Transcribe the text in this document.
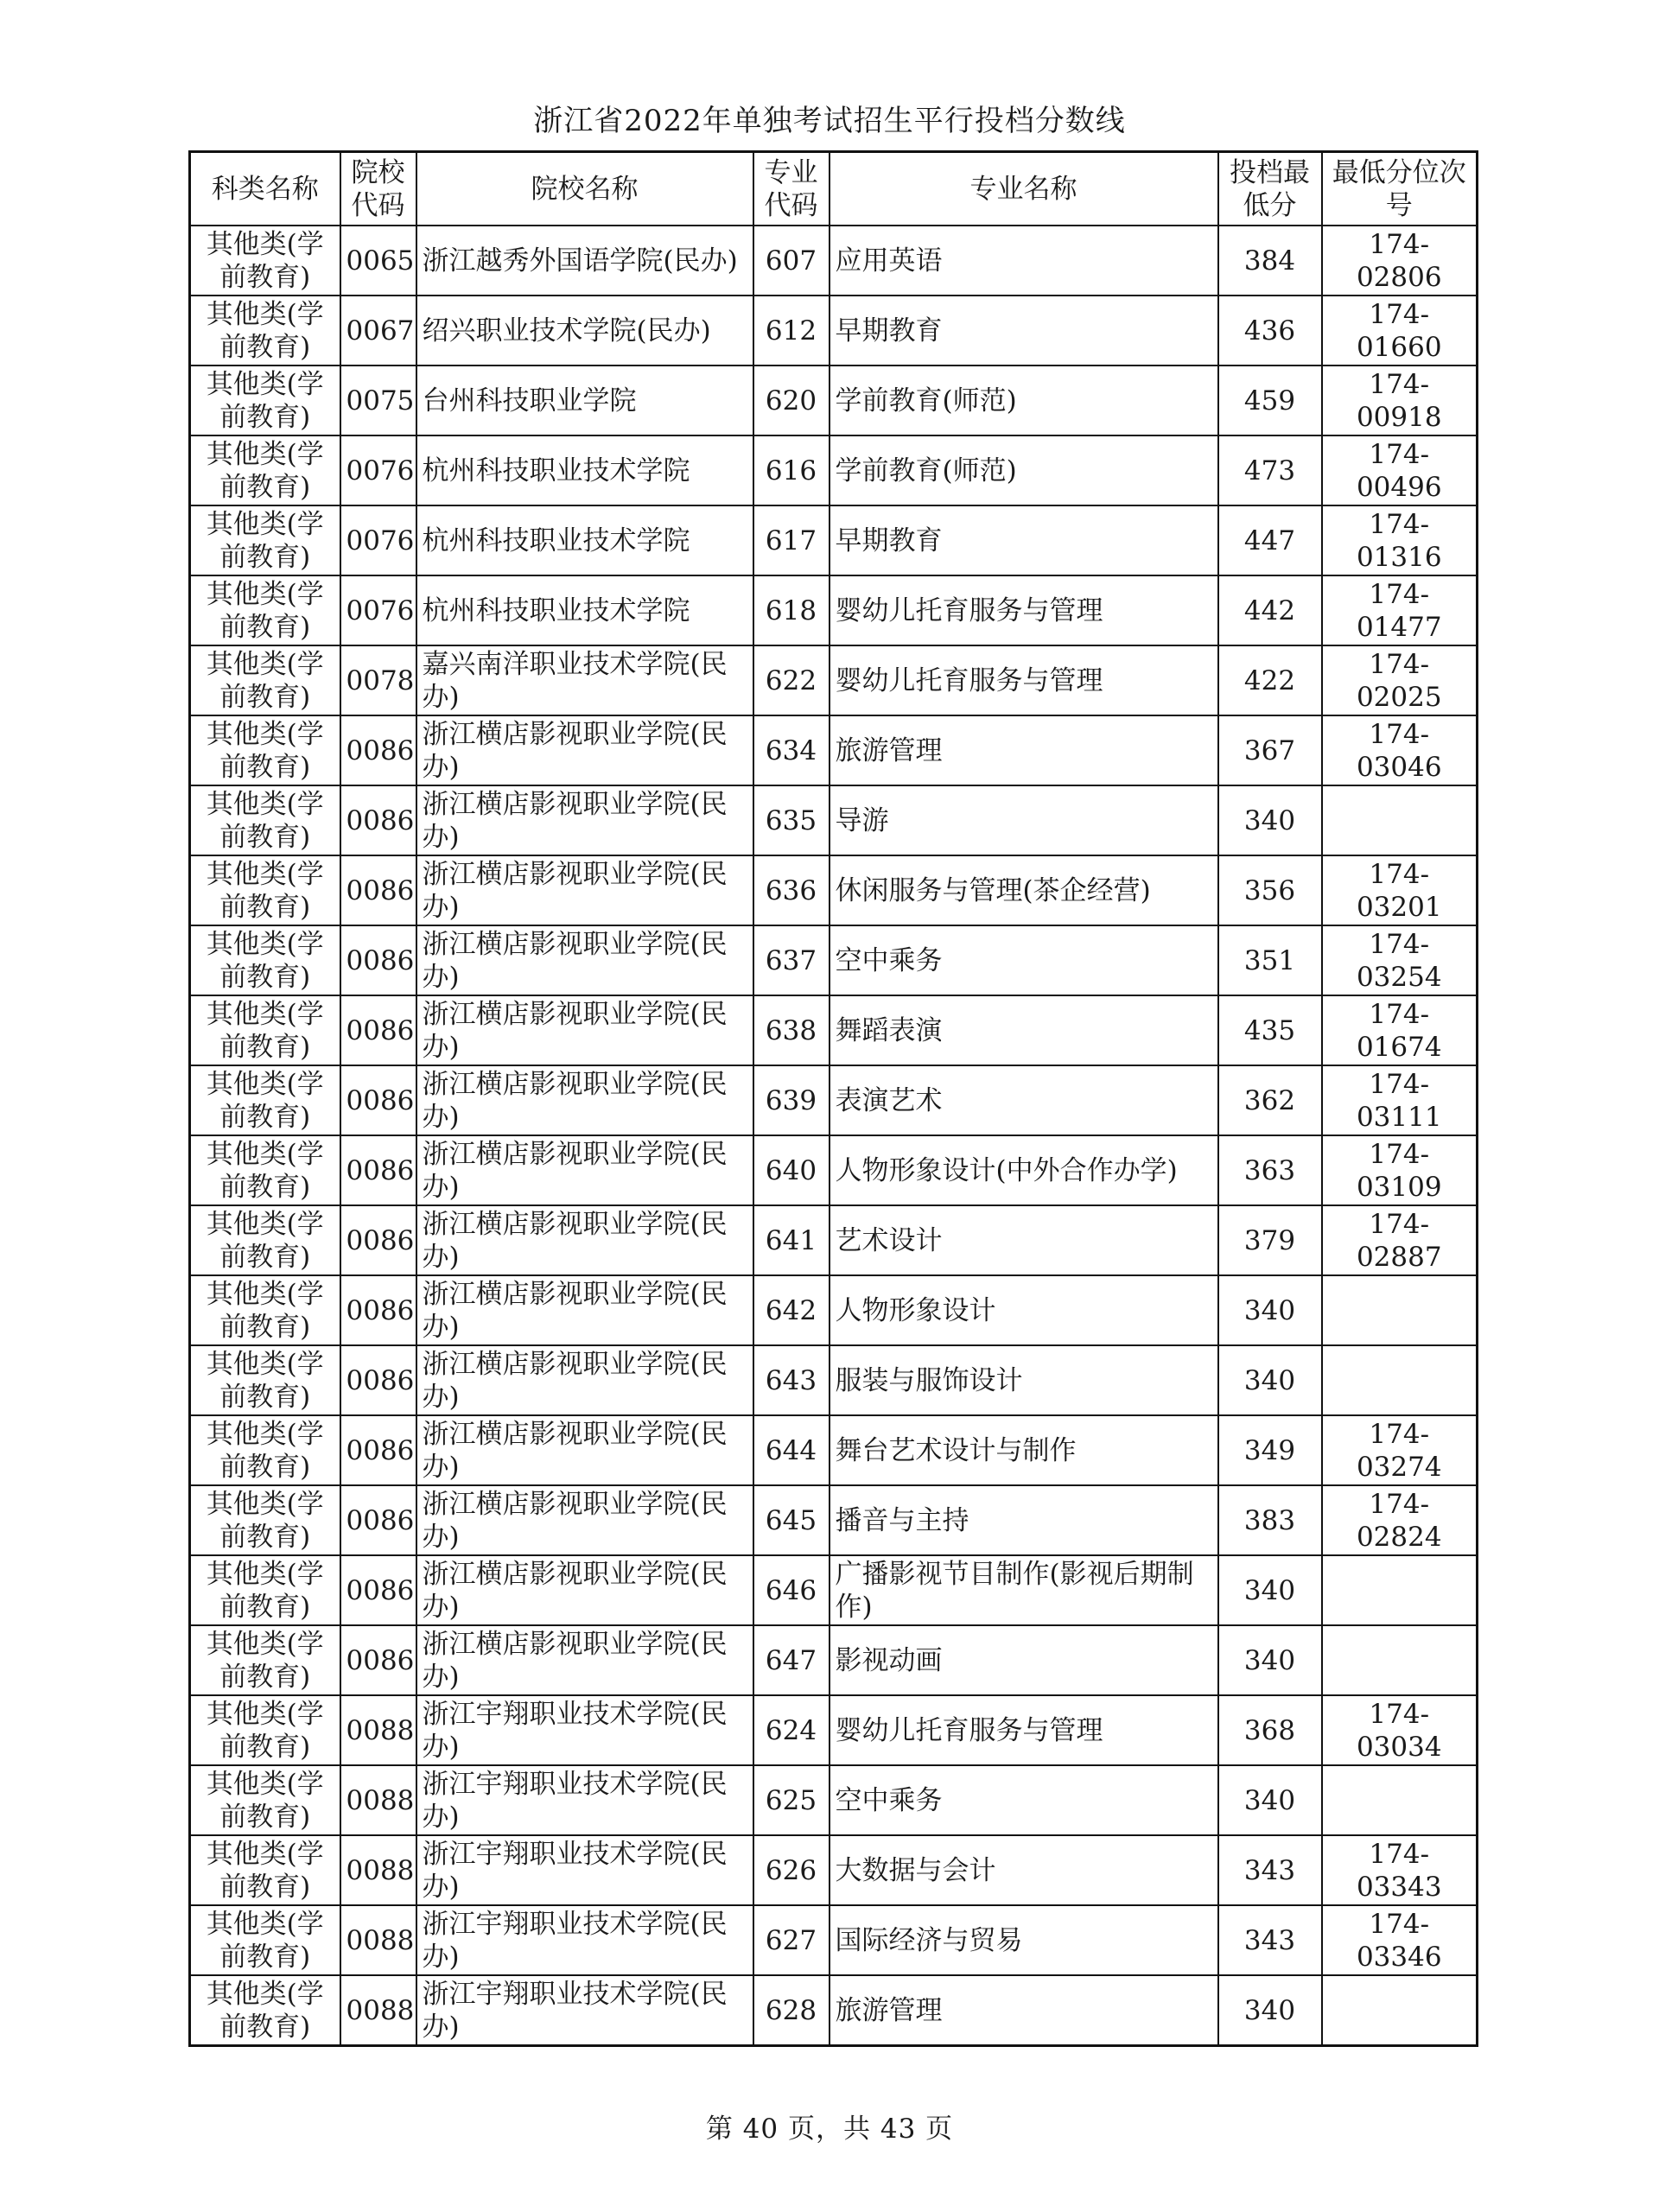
浙江省2022年单独考试招生平行投档分数线
科类名称	院校代码	院校名称	专业代码	专业名称	投档最低分	最低分位次号
其他类(学前教育)	0065	浙江越秀外国语学院(民办)	607	应用英语	384	174-02806
其他类(学前教育)	0067	绍兴职业技术学院(民办)	612	早期教育	436	174-01660
其他类(学前教育)	0075	台州科技职业学院	620	学前教育(师范)	459	174-00918
其他类(学前教育)	0076	杭州科技职业技术学院	616	学前教育(师范)	473	174-00496
其他类(学前教育)	0076	杭州科技职业技术学院	617	早期教育	447	174-01316
其他类(学前教育)	0076	杭州科技职业技术学院	618	婴幼儿托育服务与管理	442	174-01477
其他类(学前教育)	0078	嘉兴南洋职业技术学院(民办)	622	婴幼儿托育服务与管理	422	174-02025
其他类(学前教育)	0086	浙江横店影视职业学院(民办)	634	旅游管理	367	174-03046
其他类(学前教育)	0086	浙江横店影视职业学院(民办)	635	导游	340	
其他类(学前教育)	0086	浙江横店影视职业学院(民办)	636	休闲服务与管理(茶企经营)	356	174-03201
其他类(学前教育)	0086	浙江横店影视职业学院(民办)	637	空中乘务	351	174-03254
其他类(学前教育)	0086	浙江横店影视职业学院(民办)	638	舞蹈表演	435	174-01674
其他类(学前教育)	0086	浙江横店影视职业学院(民办)	639	表演艺术	362	174-03111
其他类(学前教育)	0086	浙江横店影视职业学院(民办)	640	人物形象设计(中外合作办学)	363	174-03109
其他类(学前教育)	0086	浙江横店影视职业学院(民办)	641	艺术设计	379	174-02887
其他类(学前教育)	0086	浙江横店影视职业学院(民办)	642	人物形象设计	340	
其他类(学前教育)	0086	浙江横店影视职业学院(民办)	643	服装与服饰设计	340	
其他类(学前教育)	0086	浙江横店影视职业学院(民办)	644	舞台艺术设计与制作	349	174-03274
其他类(学前教育)	0086	浙江横店影视职业学院(民办)	645	播音与主持	383	174-02824
其他类(学前教育)	0086	浙江横店影视职业学院(民办)	646	广播影视节目制作(影视后期制作)	340	
其他类(学前教育)	0086	浙江横店影视职业学院(民办)	647	影视动画	340	
其他类(学前教育)	0088	浙江宇翔职业技术学院(民办)	624	婴幼儿托育服务与管理	368	174-03034
其他类(学前教育)	0088	浙江宇翔职业技术学院(民办)	625	空中乘务	340	
其他类(学前教育)	0088	浙江宇翔职业技术学院(民办)	626	大数据与会计	343	174-03343
其他类(学前教育)	0088	浙江宇翔职业技术学院(民办)	627	国际经济与贸易	343	174-03346
其他类(学前教育)	0088	浙江宇翔职业技术学院(民办)	628	旅游管理	340	
第 40 页，共 43 页
